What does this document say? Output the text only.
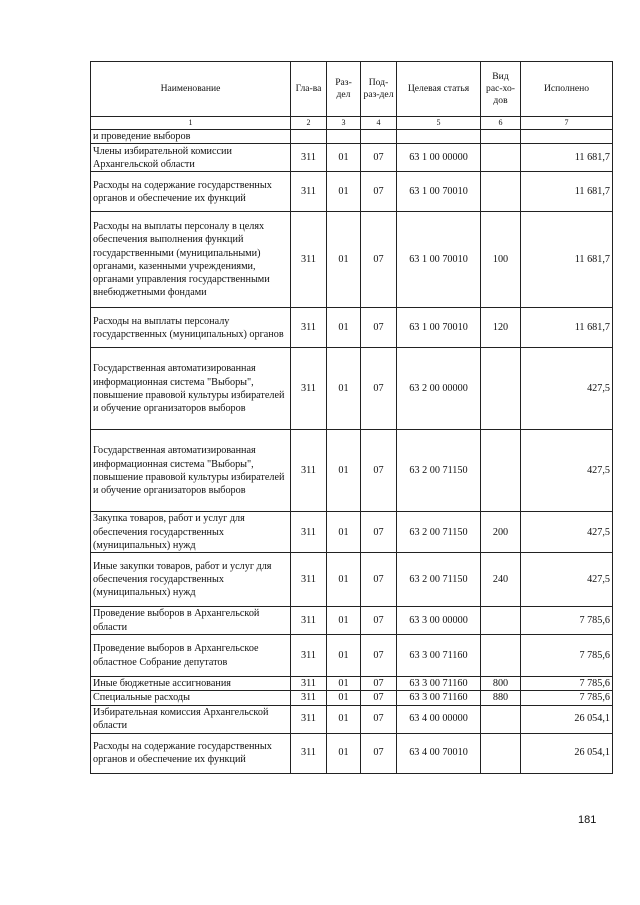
Наименование	Гла-ва	Раз-дел	Под-раз-дел	Целевая статья	Вид рас-хо-дов	Исполнено
1	2	3	4	5	6	7
и проведение выборов						
Члены избирательной комиссии Архангельской области	311	01	07	63 1 00 00000		11 681,7
Расходы на содержание государственных органов и обеспечение их функций	311	01	07	63 1 00 70010		11 681,7
Расходы на выплаты персоналу в целях обеспечения выполнения функций государственными (муниципальными) органами, казенными учреждениями, органами управления государственными внебюджетными фондами	311	01	07	63 1 00 70010	100	11 681,7
Расходы на выплаты персоналу государственных (муниципальных) органов	311	01	07	63 1 00 70010	120	11 681,7
Государственная автоматизированная информационная система "Выборы", повышение правовой культуры избирателей и обучение организаторов выборов	311	01	07	63 2 00 00000		427,5
Государственная автоматизированная информационная система "Выборы", повышение правовой культуры избирателей и обучение организаторов выборов	311	01	07	63 2 00 71150		427,5
Закупка товаров, работ и услуг для обеспечения государственных (муниципальных) нужд	311	01	07	63 2 00 71150	200	427,5
Иные закупки товаров, работ и услуг для обеспечения государственных (муниципальных) нужд	311	01	07	63 2 00 71150	240	427,5
Проведение выборов в Архангельской области	311	01	07	63 3 00 00000		7 785,6
Проведение выборов в Архангельское областное Собрание депутатов	311	01	07	63 3 00 71160		7 785,6
Иные бюджетные ассигнования	311	01	07	63 3 00 71160	800	7 785,6
Специальные расходы	311	01	07	63 3 00 71160	880	7 785,6
Избирательная комиссия Архангельской области	311	01	07	63 4 00 00000		26 054,1
Расходы на содержание государственных органов и обеспечение их функций	311	01	07	63 4 00 70010		26 054,1
181
